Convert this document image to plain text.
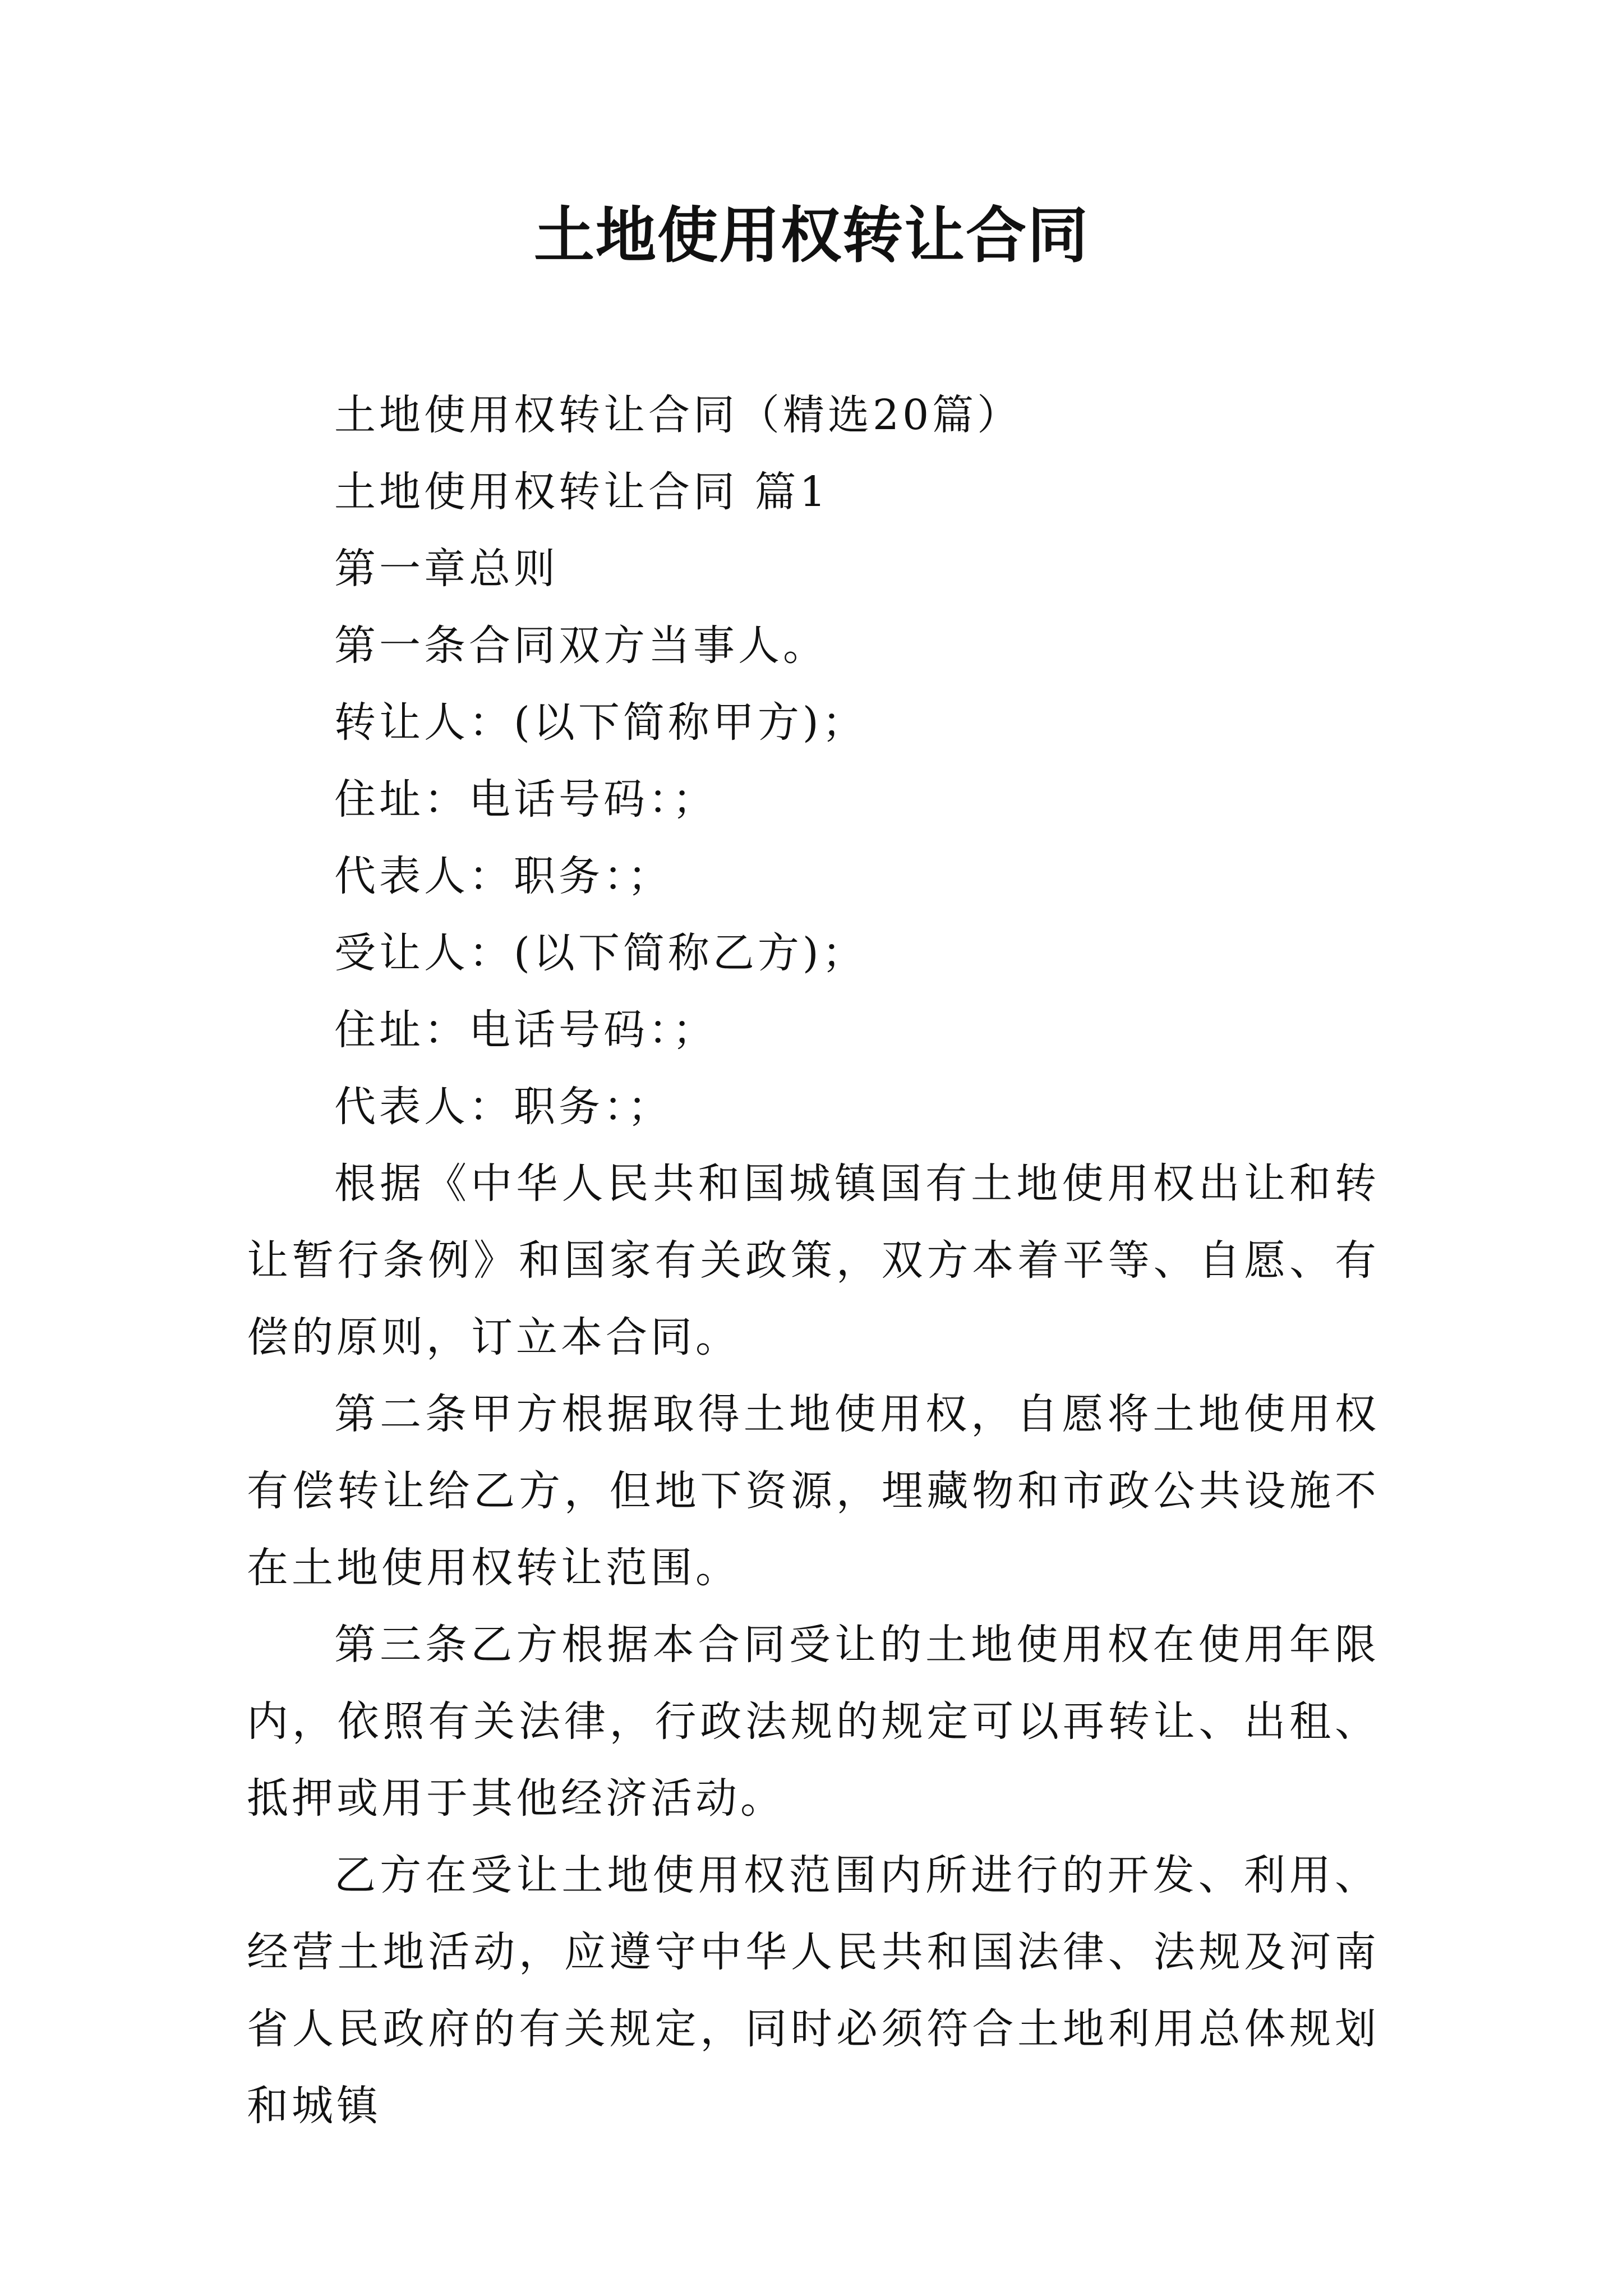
土地使用权转让合同

土地使用权转让合同（精选20篇）

土地使用权转让合同 篇1

第一章总则

第一条合同双方当事人。

转让人：(以下简称甲方)；

住址：电话号码：；

代表人：职务：；

受让人：(以下简称乙方)；

住址：电话号码：；

代表人：职务：；

根据《中华人民共和国城镇国有土地使用权出让和转让暂行条例》和国家有关政策，双方本着平等、自愿、有偿的原则，订立本合同。

第二条甲方根据取得土地使用权，自愿将土地使用权有偿转让给乙方，但地下资源，埋藏物和市政公共设施不在土地使用权转让范围。

第三条乙方根据本合同受让的土地使用权在使用年限内，依照有关法律，行政法规的规定可以再转让、出租、抵押或用于其他经济活动。

乙方在受让土地使用权范围内所进行的开发、利用、经营土地活动，应遵守中华人民共和国法律、法规及河南省人民政府的有关规定，同时必须符合土地利用总体规划和城镇
